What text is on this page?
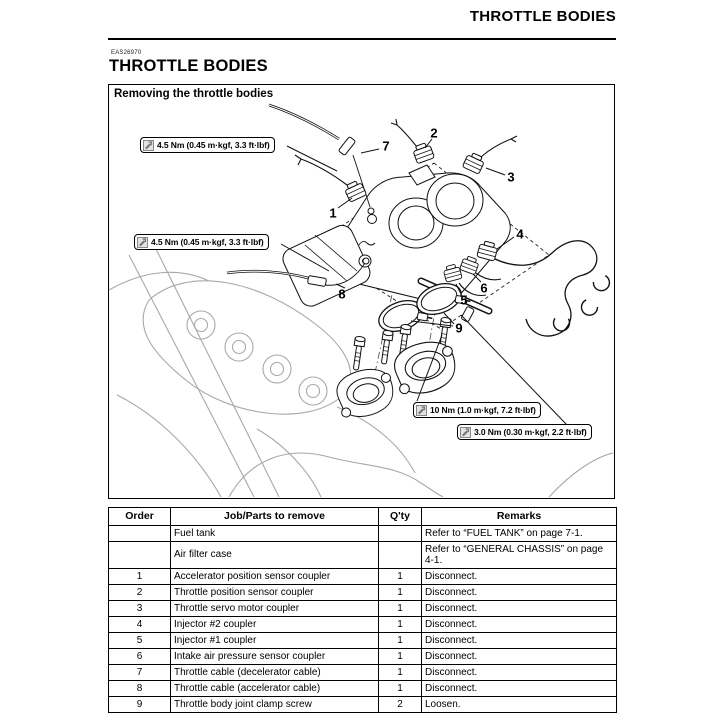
THROTTLE BODIES
EAS26970
THROTTLE BODIES
Removing the throttle bodies
4.5 Nm (0.45 m·kgf, 3.3 ft·lbf)
4.5 Nm (0.45 m·kgf, 3.3 ft·lbf)
10 Nm (1.0 m·kgf, 7.2 ft·lbf)
3.0 Nm (0.30 m·kgf, 2.2 ft·lbf)
1
2
3
4
5
6
7
8
9
Order	Job/Parts to remove	Q'ty	Remarks
	Fuel tank		Refer to “FUEL TANK” on page 7-1.
	Air filter case		Refer to “GENERAL CHASSIS” on page 4-1.
1	Accelerator position sensor coupler	1	Disconnect.
2	Throttle position sensor coupler	1	Disconnect.
3	Throttle servo motor coupler	1	Disconnect.
4	Injector #2 coupler	1	Disconnect.
5	Injector #1 coupler	1	Disconnect.
6	Intake air pressure sensor coupler	1	Disconnect.
7	Throttle cable (decelerator cable)	1	Disconnect.
8	Throttle cable (accelerator cable)	1	Disconnect.
9	Throttle body joint clamp screw	2	Loosen.
